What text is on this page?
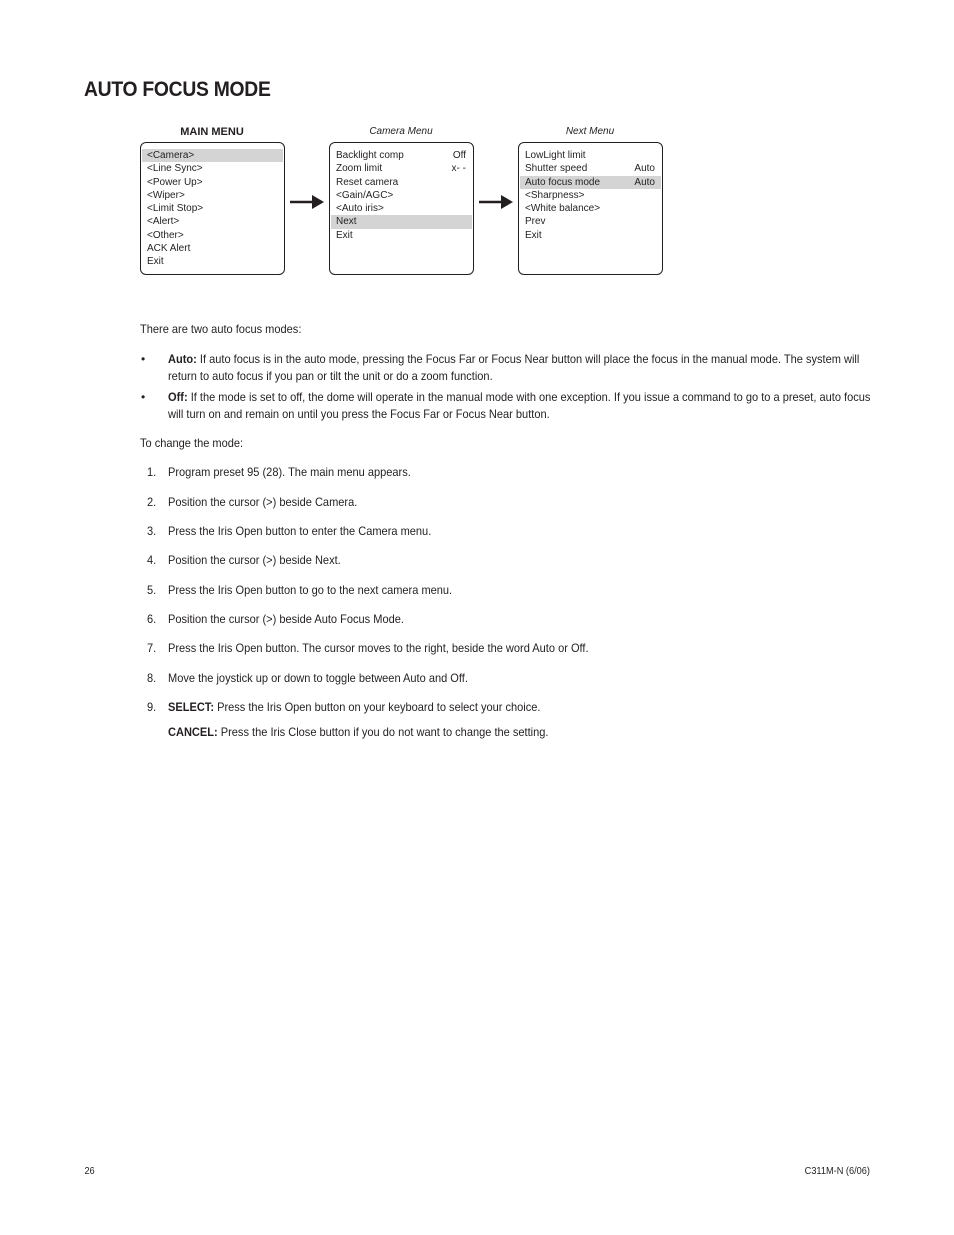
AUTO FOCUS MODE
MAIN MENU	Camera Menu	Next Menu
<Camera>
<Line Sync>
<Power Up>
<Wiper>
<Limit Stop>
<Alert>
<Other>
ACK Alert
Exit
Backlight comp	Off
Zoom limit	x- -
Reset camera
<Gain/AGC>
<Auto iris>
Next
Exit
LowLight limit
Shutter speed	Auto
Auto focus mode	Auto
<Sharpness>
<White balance>
Prev
Exit
There are two auto focus modes:
• Auto: If auto focus is in the auto mode, pressing the Focus Far or Focus Near button will place the focus in the manual mode. The system will return to auto focus if you pan or tilt the unit or do a zoom function.
• Off: If the mode is set to off, the dome will operate in the manual mode with one exception. If you issue a command to go to a preset, auto focus will turn on and remain on until you press the Focus Far or Focus Near button.
To change the mode:
1. Program preset 95 (28). The main menu appears.
2. Position the cursor (>) beside Camera.
3. Press the Iris Open button to enter the Camera menu.
4. Position the cursor (>) beside Next.
5. Press the Iris Open button to go to the next camera menu.
6. Position the cursor (>) beside Auto Focus Mode.
7. Press the Iris Open button. The cursor moves to the right, beside the word Auto or Off.
8. Move the joystick up or down to toggle between Auto and Off.
9. SELECT: Press the Iris Open button on your keyboard to select your choice.
CANCEL: Press the Iris Close button if you do not want to change the setting.
26	C311M-N (6/06)
